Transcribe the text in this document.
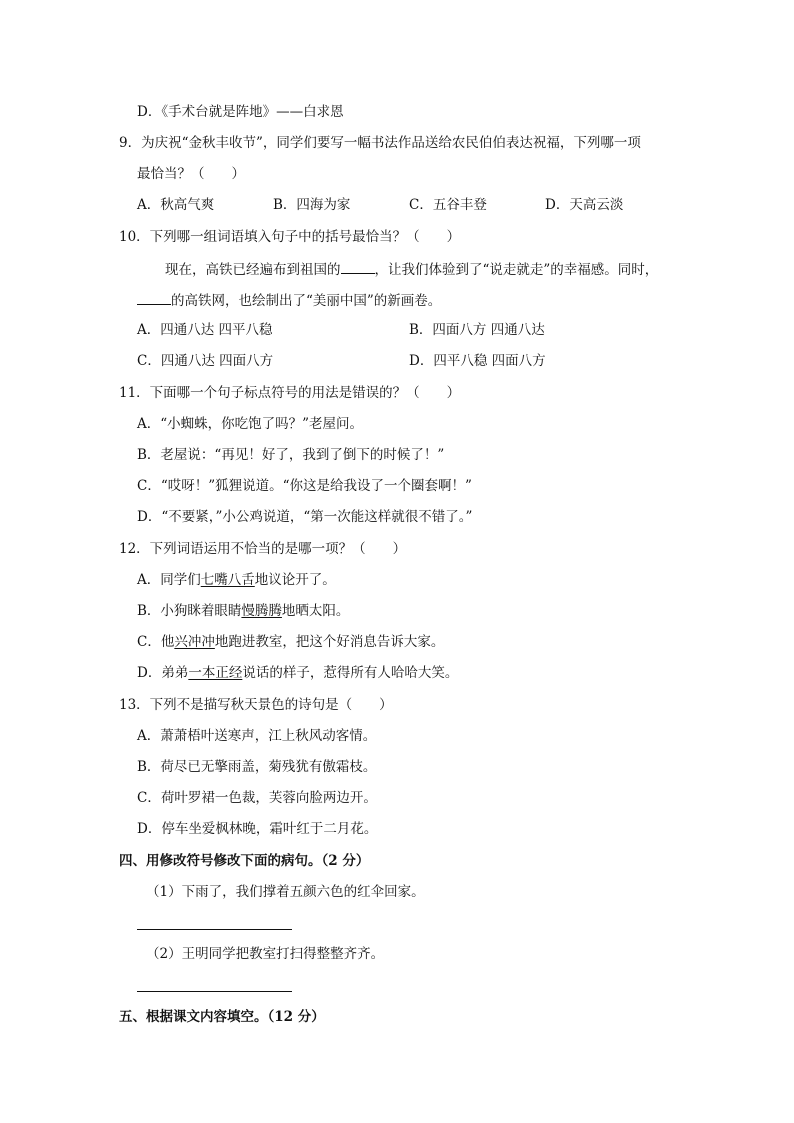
D．《手术台就是阵地》——白求恩
9．为庆祝“金秋丰收节”，同学们要写一幅书法作品送给农民伯伯表达祝福，下列哪一项
最恰当？（　　）
A．秋高气爽	B．四海为家	C．五谷丰登	D．天高云淡
10．下列哪一组词语填入句子中的括号最恰当？（　　）
现在，高铁已经遍布到祖国的	，让我们体验到了“说走就走”的幸福感。同时，
的高铁网，也绘制出了“美丽中国”的新画卷。
A．四通八达 四平八稳	B．四面八方 四通八达
C．四通八达 四面八方	D．四平八稳 四面八方
11．下面哪一个句子标点符号的用法是错误的？（　　）
A．“小蜘蛛，你吃饱了吗？”老屋问。
B．老屋说：“再见！好了，我到了倒下的时候了！”
C．“哎呀！”狐狸说道。“你这是给我设了一个圈套啊！”
D．“不要紧，”小公鸡说道，“第一次能这样就很不错了。”
12．下列词语运用不恰当的是哪一项？（　　）
A．同学们七嘴八舌地议论开了。
B．小狗眯着眼睛慢腾腾地晒太阳。
C．他兴冲冲地跑进教室，把这个好消息告诉大家。
D．弟弟一本正经说话的样子，惹得所有人哈哈大笑。
13．下列不是描写秋天景色的诗句是（　　）
A．萧萧梧叶送寒声，江上秋风动客情。
B．荷尽已无擎雨盖，菊残犹有傲霜枝。
C．荷叶罗裙一色裁，芙蓉向脸两边开。
D．停车坐爱枫林晚，霜叶红于二月花。
四、用修改符号修改下面的病句。（2 分）
（1）下雨了，我们撑着五颜六色的红伞回家。
（2）王明同学把教室打扫得整整齐齐。
五、根据课文内容填空。（12 分）
